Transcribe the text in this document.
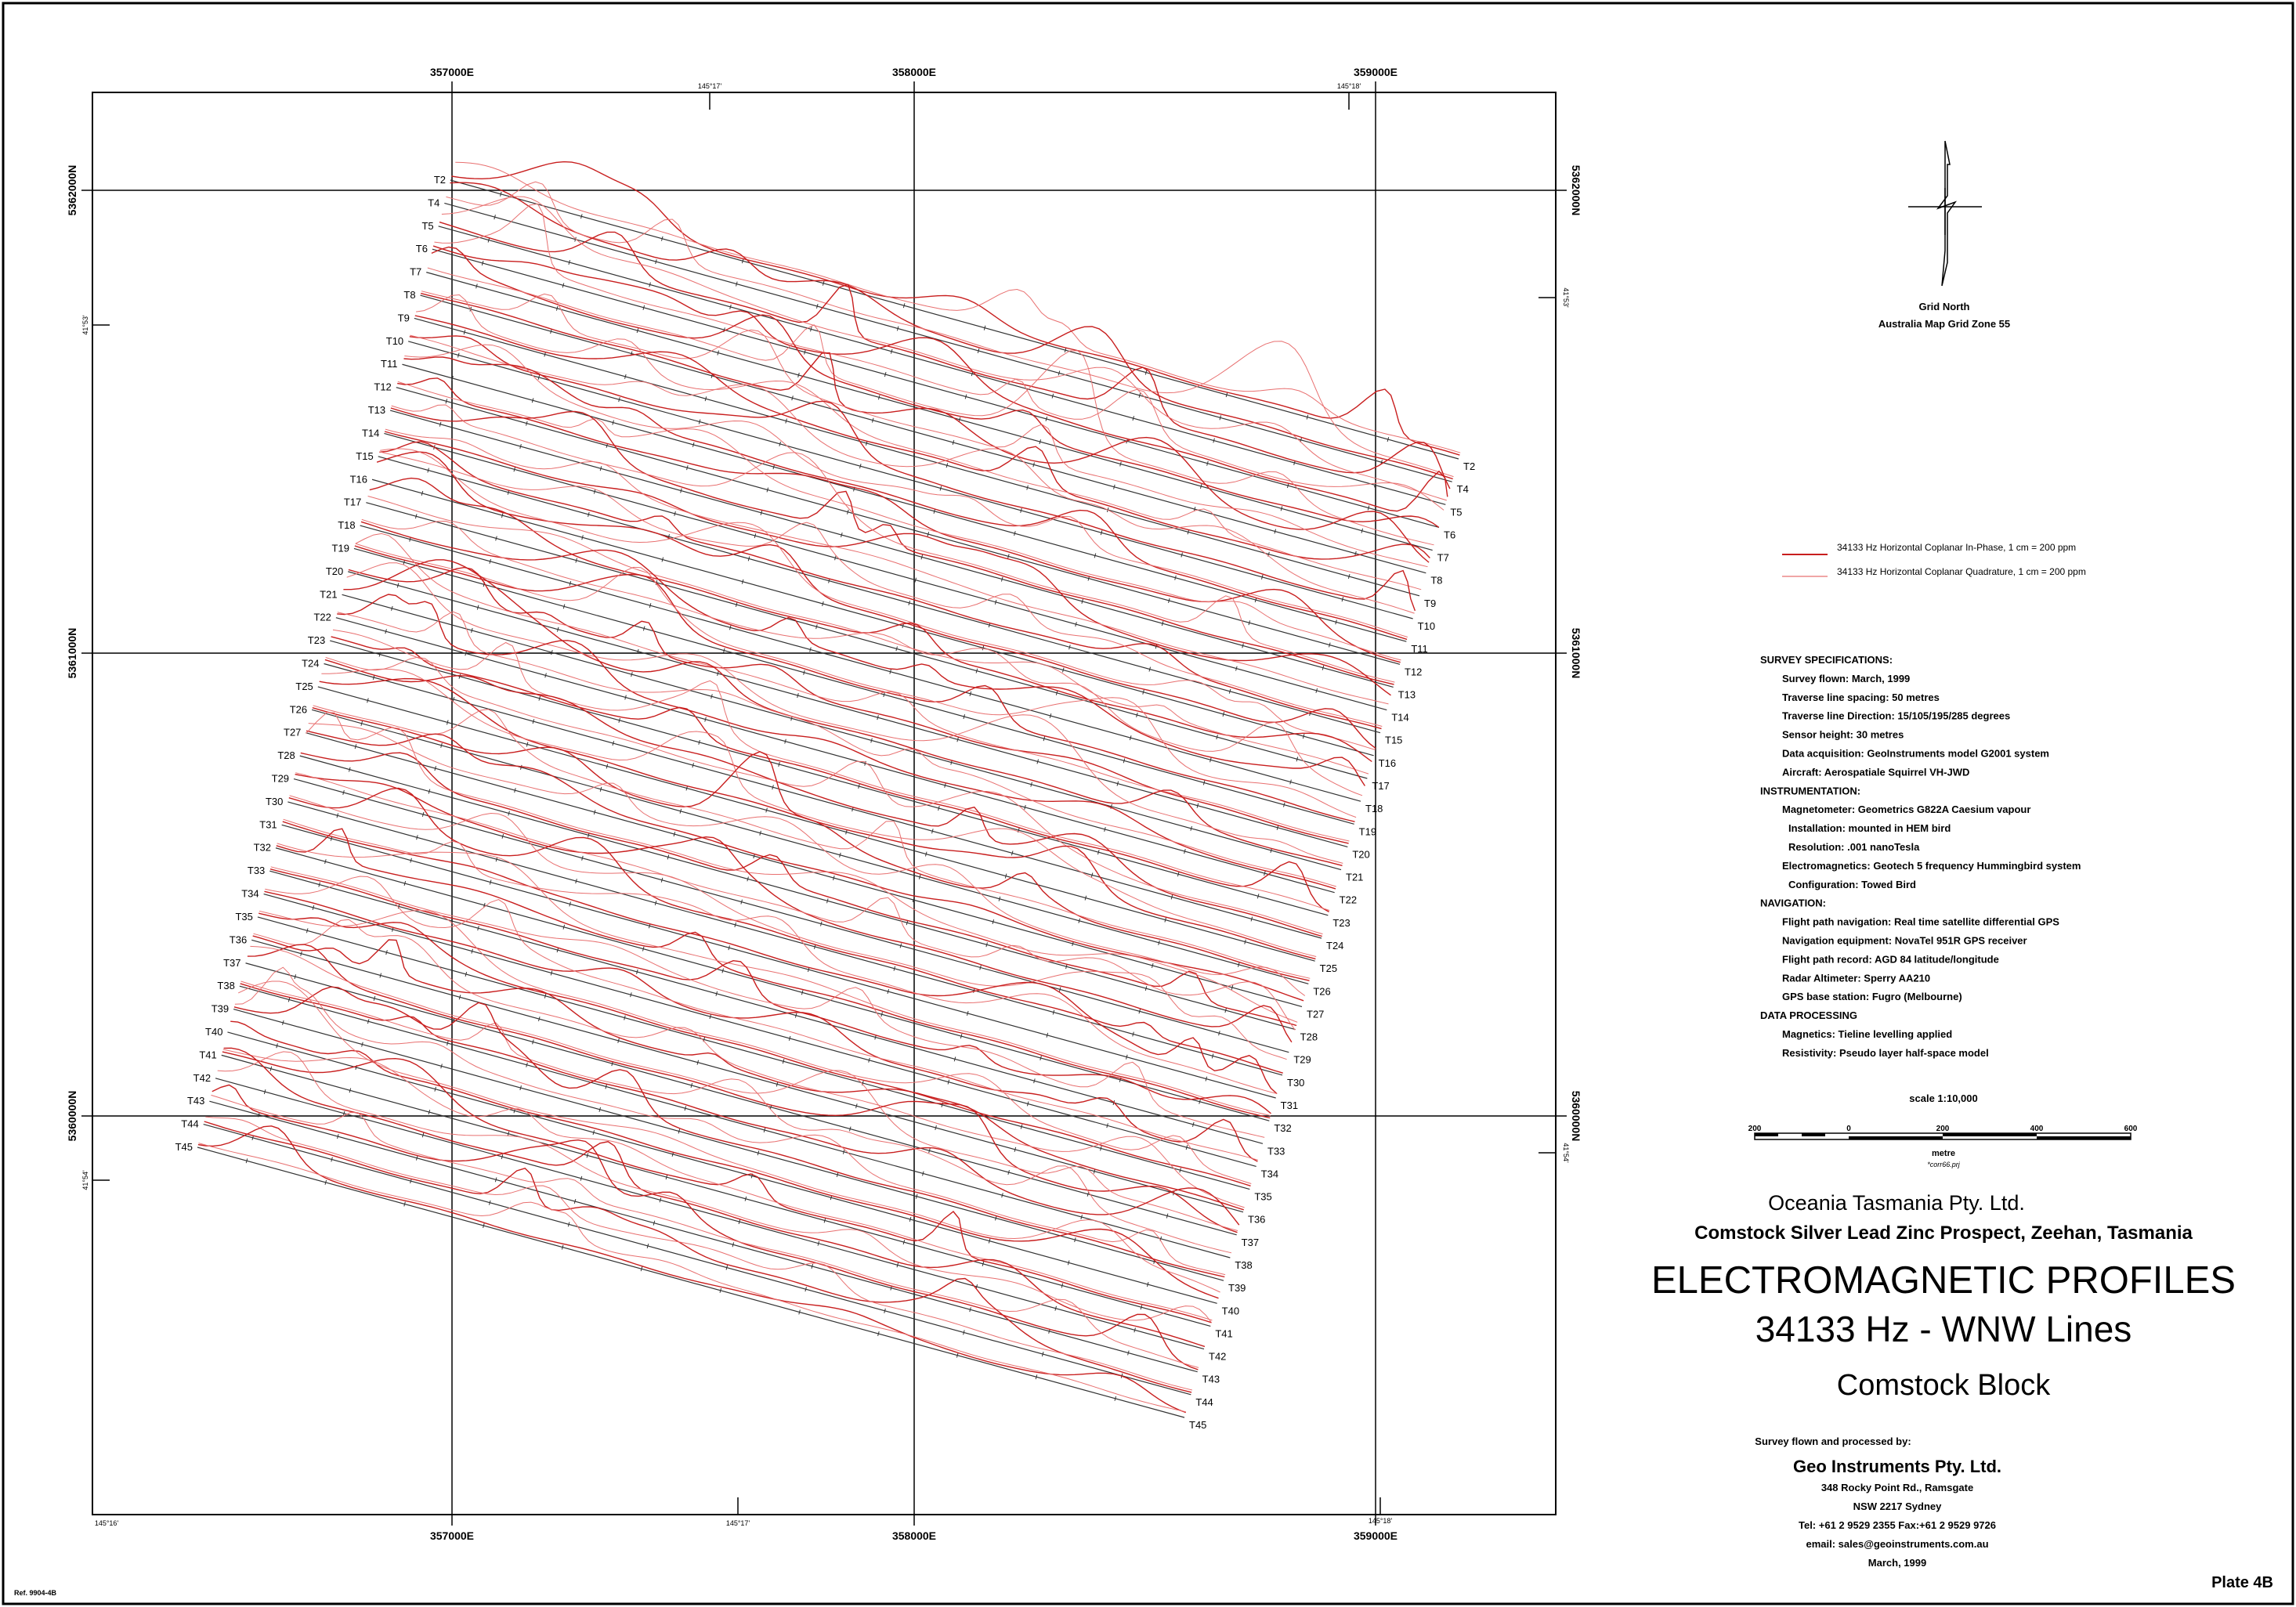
357000E	358000E	359000E
357000E	358000E	359000E
5362000N
5361000N
5360000N
5362000N
5361000N
5360000N
145°17'	145°18'
145°16'	145°17'	145°18'
41°53'
41°54'
41°53'
41°54'
T2
T2
T4
T4
T5
T5
T6
T6
T7
T7
T8
T8
T9
T9
T10
T10
T11
T11
T12
T12
T13
T13
T14
T14
T15
T15
T16
T16
T17
T17
T18
T18
T19
T19
T20
T20
T21
T21
T22
T22
T23
T23
T24
T24
T25
T25
T26
T26
T27
T27
T28
T28
T29
T29
T30
T30
T31
T31
T32
T32
T33
T33
T34
T34
T35
T35
T36
T36
T37
T37
T38
T38
T39
T39
T40
T40
T41
T41
T42
T42
T43
T43
T44
T44
T45
T45
Grid North
Australia Map Grid Zone 55
34133 Hz Horizontal Coplanar In-Phase, 1 cm = 200 ppm
34133 Hz Horizontal Coplanar Quadrature, 1 cm = 200 ppm
SURVEY SPECIFICATIONS:
Survey flown: March, 1999
Traverse line spacing: 50 metres
Traverse line Direction: 15/105/195/285 degrees
Sensor height: 30 metres
Data acquisition: GeoInstruments model G2001 system
Aircraft: Aerospatiale Squirrel VH-JWD
INSTRUMENTATION:
Magnetometer: Geometrics G822A Caesium vapour
Installation: mounted in HEM bird
Resolution: .001 nanoTesla
Electromagnetics: Geotech 5 frequency Hummingbird system
Configuration: Towed Bird
NAVIGATION:
Flight path navigation: Real time satellite differential GPS
Navigation equipment: NovaTel 951R GPS receiver
Flight path record: AGD 84 latitude/longitude
Radar Altimeter: Sperry AA210
GPS base station: Fugro (Melbourne)
DATA PROCESSING
Magnetics: Tieline levelling applied
Resistivity: Pseudo layer half-space model
scale 1:10,000
200	0	200	400	600
metre
*corr66.prj
Oceania Tasmania Pty. Ltd.
Comstock Silver Lead Zinc Prospect, Zeehan, Tasmania
ELECTROMAGNETIC PROFILES
34133 Hz - WNW Lines
Comstock Block
Survey flown and processed by:
Geo Instruments Pty. Ltd.
348 Rocky Point Rd., Ramsgate
NSW 2217 Sydney
Tel: +61 2 9529 2355 Fax:+61 2 9529 9726
email: sales@geoinstruments.com.au
March, 1999
Plate 4B
Ref. 9904-4B
